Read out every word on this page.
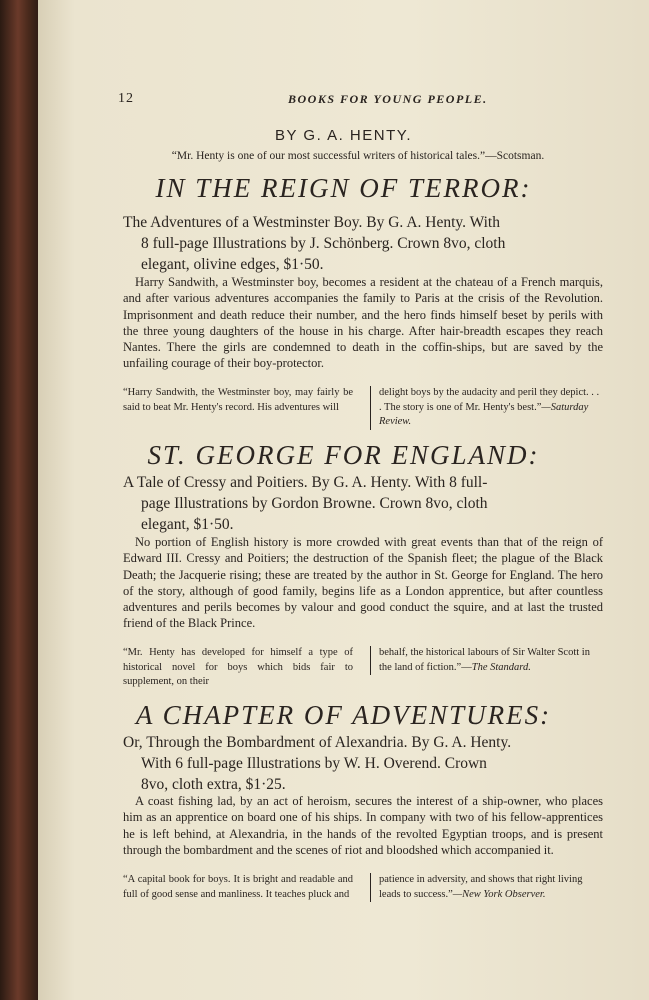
12	BOOKS FOR YOUNG PEOPLE.
BY G. A. HENTY.
“Mr. Henty is one of our most successful writers of historical tales.”—Scotsman.
IN THE REIGN OF TERROR:
The Adventures of a Westminster Boy. By G. A. Henty. With
8 full-page Illustrations by J. Schönberg. Crown 8vo, cloth
elegant, olivine edges, $1·50.

Harry Sandwith, a Westminster boy, becomes a resident at the chateau of a French marquis, and after various adventures accompanies the family to Paris at the crisis of the Revolution. Imprisonment and death reduce their number, and the hero finds himself beset by perils with the three young daughters of the house in his charge. After hair-breadth escapes they reach Nantes. There the girls are condemned to death in the coffin-ships, but are saved by the unfailing courage of their boy-protector.

“Harry Sandwith, the Westminster boy, may fairly be said to beat Mr. Henty's record. His adventures will
delight boys by the audacity and peril they depict. . . . The story is one of Mr. Henty's best.”—Saturday Review.
ST. GEORGE FOR ENGLAND:
A Tale of Cressy and Poitiers. By G. A. Henty. With 8 full-
page Illustrations by Gordon Browne. Crown 8vo, cloth
elegant, $1·50.

No portion of English history is more crowded with great events than that of the reign of Edward III. Cressy and Poitiers; the destruction of the Spanish fleet; the plague of the Black Death; the Jacquerie rising; these are treated by the author in St. George for England. The hero of the story, although of good family, begins life as a London apprentice, but after countless adventures and perils becomes by valour and good conduct the squire, and at last the trusted friend of the Black Prince.

“Mr. Henty has developed for himself a type of historical novel for boys which bids fair to supplement, on their
behalf, the historical labours of Sir Walter Scott in the land of fiction.”—The Standard.
A CHAPTER OF ADVENTURES:
Or, Through the Bombardment of Alexandria. By G. A. Henty.
With 6 full-page Illustrations by W. H. Overend. Crown
8vo, cloth extra, $1·25.

A coast fishing lad, by an act of heroism, secures the interest of a ship-owner, who places him as an apprentice on board one of his ships. In company with two of his fellow-apprentices he is left behind, at Alexandria, in the hands of the revolted Egyptian troops, and is present through the bombardment and the scenes of riot and bloodshed which accompanied it.

“A capital book for boys. It is bright and readable and full of good sense and manliness. It teaches pluck and
patience in adversity, and shows that right living leads to success.”—New York Observer.
